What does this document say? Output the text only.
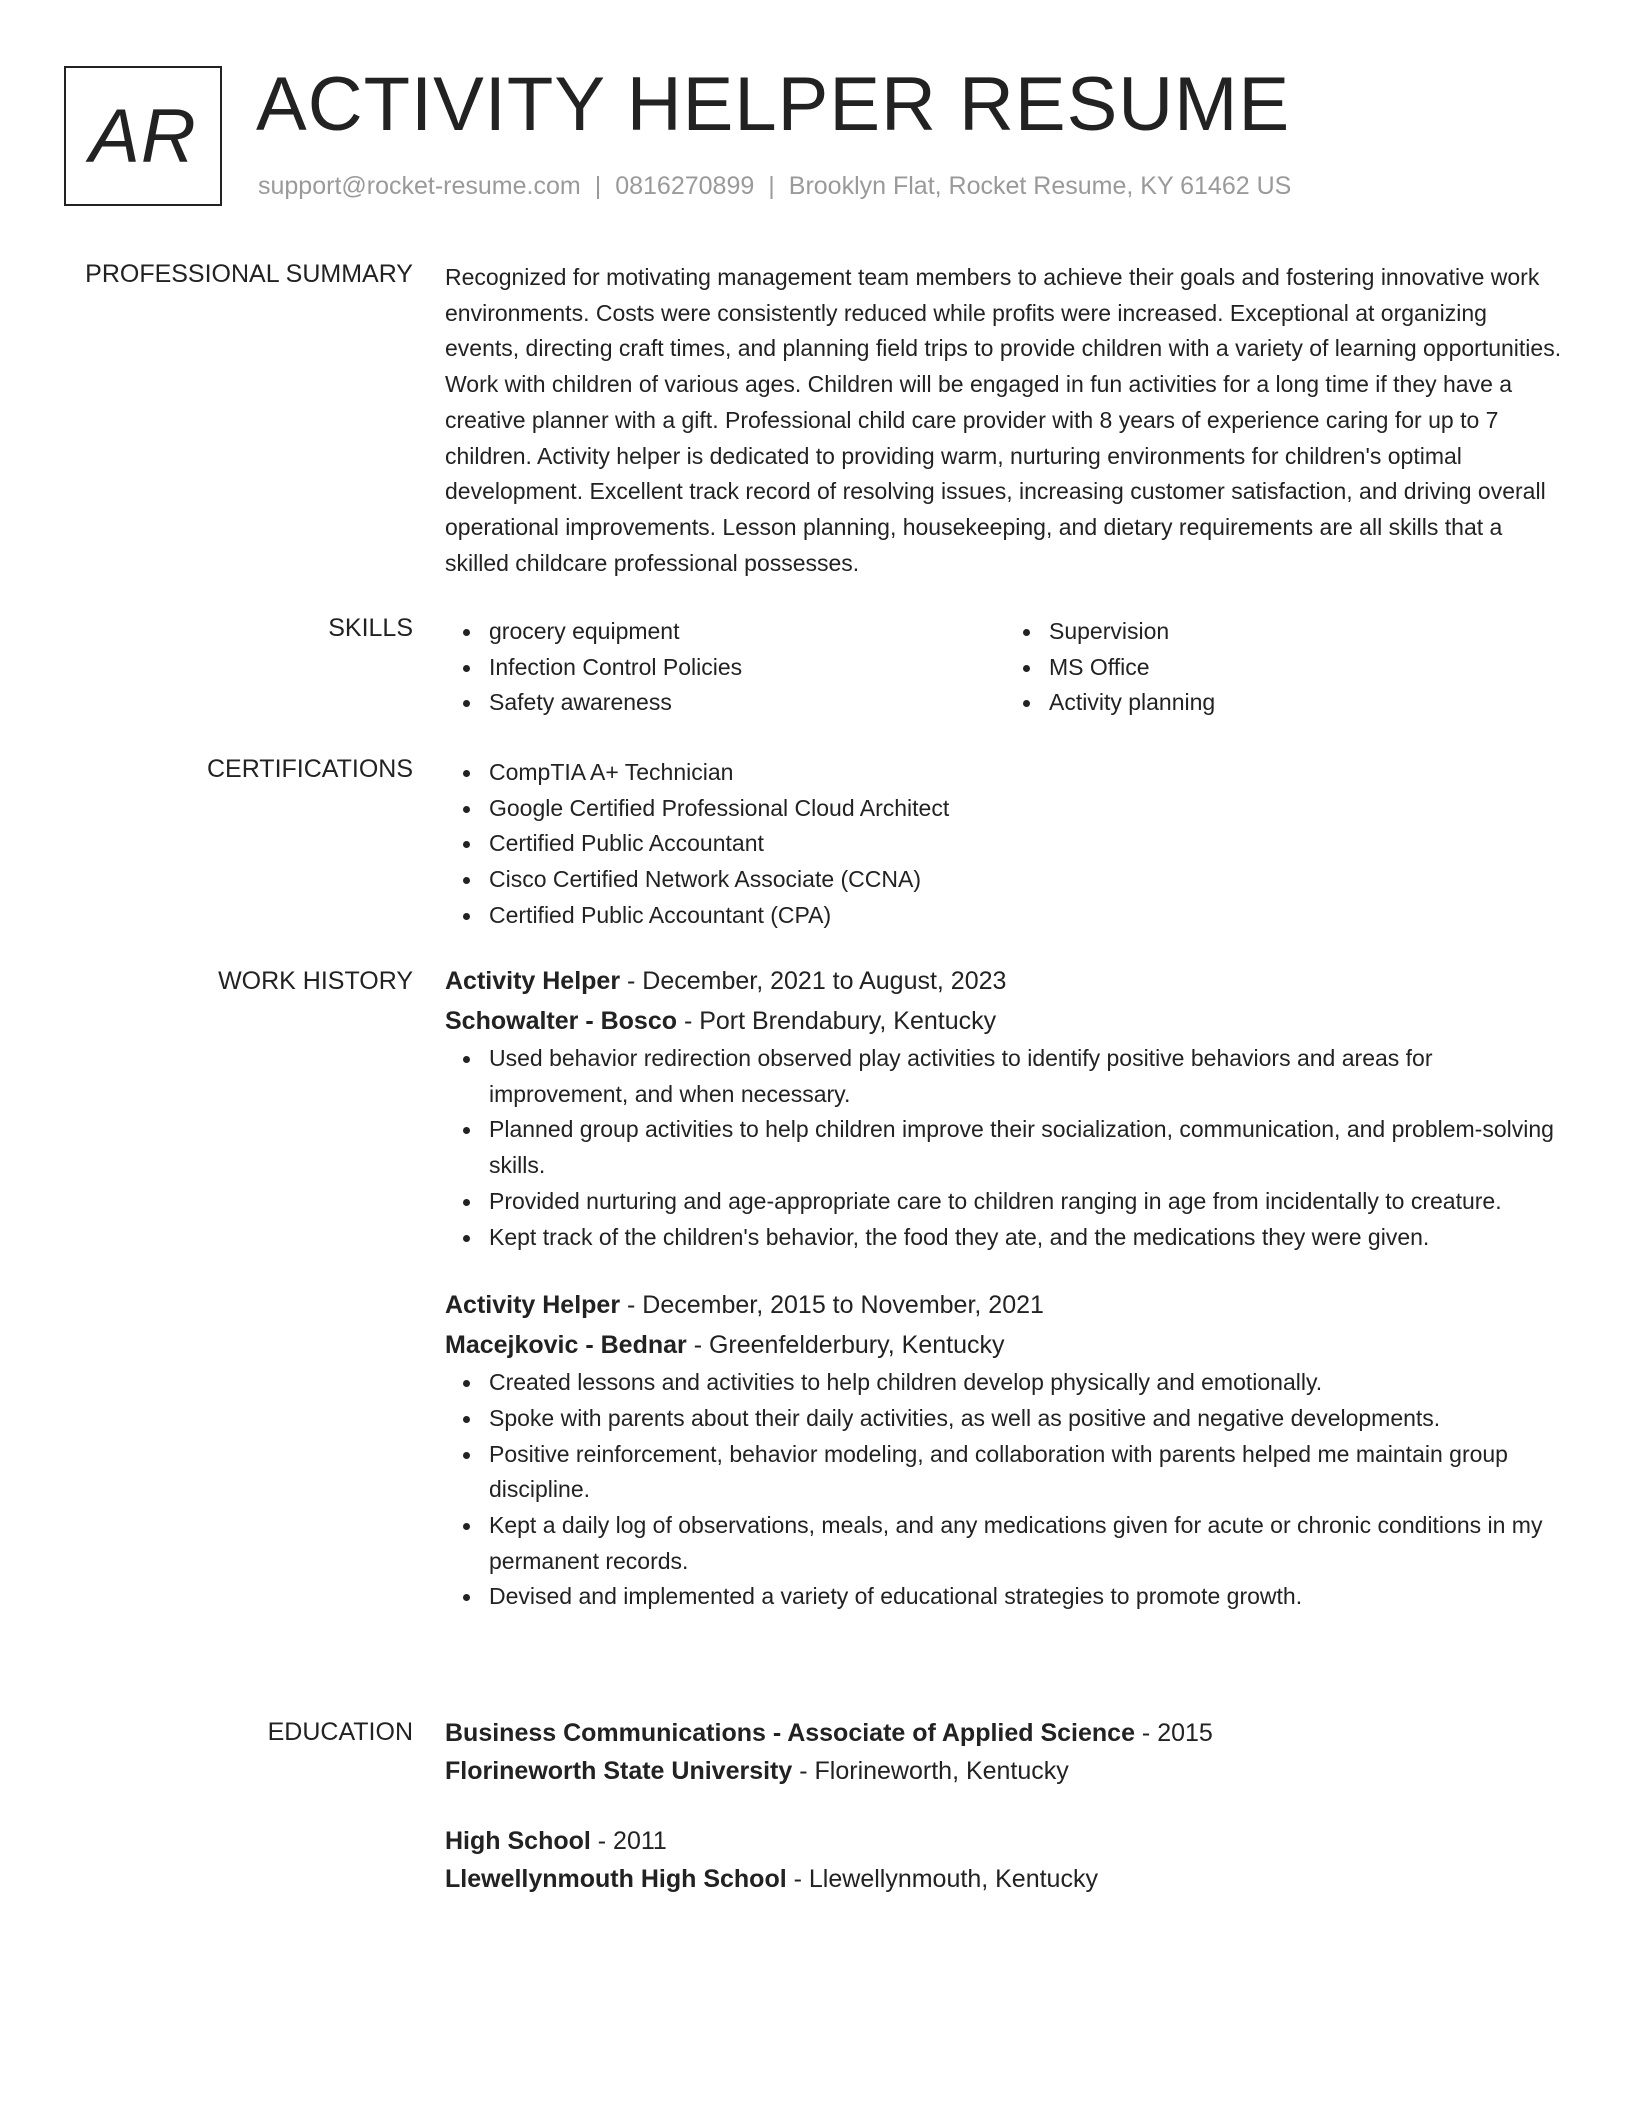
AR ACTIVITY HELPER RESUME
support@rocket-resume.com | 0816270899 | Brooklyn Flat, Rocket Resume, KY 61462 US
PROFESSIONAL SUMMARY Recognized for motivating management team members to achieve their goals and fostering innovative work environments. Costs were consistently reduced while profits were increased. Exceptional at organizing events, directing craft times, and planning field trips to provide children with a variety of learning opportunities. Work with children of various ages. Children will be engaged in fun activities for a long time if they have a creative planner with a gift. Professional child care provider with 8 years of experience caring for up to 7 children. Activity helper is dedicated to providing warm, nurturing environments for children's optimal development. Excellent track record of resolving issues, increasing customer satisfaction, and driving overall operational improvements. Lesson planning, housekeeping, and dietary requirements are all skills that a skilled childcare professional possesses.

SKILLS	grocery equipment
Infection Control Policies
Safety awareness
Supervision
MS Office
Activity planning
CERTIFICATIONS	CompTIA A+ Technician
Google Certified Professional Cloud Architect
Certified Public Accountant
Cisco Certified Network Associate (CCNA)
Certified Public Accountant (CPA)
WORK HISTORY Activity Helper - December, 2021 to August, 2023
Schowalter - Bosco - Port Brendabury, Kentucky
Used behavior redirection observed play activities to identify positive behaviors and areas for improvement, and when necessary.
Planned group activities to help children improve their socialization, communication, and problem-solving skills.
Provided nurturing and age-appropriate care to children ranging in age from incidentally to creature.
Kept track of the children's behavior, the food they ate, and the medications they were given.
Activity Helper - December, 2015 to November, 2021
Macejkovic - Bednar - Greenfelderbury, Kentucky
Created lessons and activities to help children develop physically and emotionally.
Spoke with parents about their daily activities, as well as positive and negative developments.
Positive reinforcement, behavior modeling, and collaboration with parents helped me maintain group discipline.
Kept a daily log of observations, meals, and any medications given for acute or chronic conditions in my permanent records.
Devised and implemented a variety of educational strategies to promote growth.
EDUCATION Business Communications - Associate of Applied Science - 2015
Florineworth State University - Florineworth, Kentucky
High School - 2011
Llewellynmouth High School - Llewellynmouth, Kentucky
